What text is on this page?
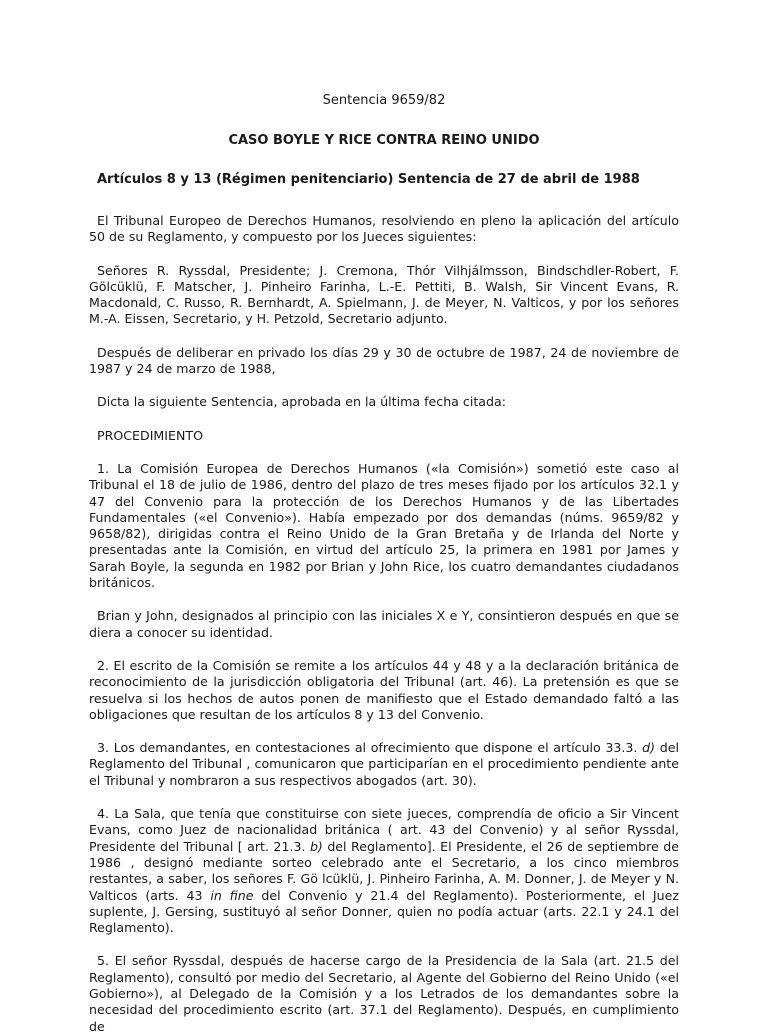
Sentencia 9659/82
CASO BOYLE Y RICE CONTRA REINO UNIDO
Artículos 8 y 13 (Régimen penitenciario) Sentencia de 27 de abril de 1988

El Tribunal Europeo de Derechos Humanos, resolviendo en pleno la aplicación del artículo 50 de su Reglamento, y compuesto por los Jueces siguientes:

Señores R. Ryssdal, Presidente; J. Cremona, Thór Vilhjálmsson, Bindschdler-Robert, F. Gölcüklü, F. Matscher, J. Pinheiro Farinha, L.-E. Pettiti, B. Walsh, Sir Vincent Evans, R. Macdonald, C. Russo, R. Bernhardt, A. Spielmann, J. de Meyer, N. Valticos, y por los señores M.-A. Eissen, Secretario, y H. Petzold, Secretario adjunto.

Después de deliberar en privado los días 29 y 30 de octubre de 1987, 24 de noviembre de 1987 y 24 de marzo de 1988,

Dicta la siguiente Sentencia, aprobada en la última fecha citada:

PROCEDIMIENTO

1. La Comisión Europea de Derechos Humanos («la Comisión») sometió este caso al Tribunal el 18 de julio de 1986, dentro del plazo de tres meses fijado por los artículos 32.1 y 47 del Convenio para la protección de los Derechos Humanos y de las Libertades Fundamentales («el Convenio»). Había empezado por dos demandas (núms. 9659/82 y 9658/82), dirigidas contra el Reino Unido de la Gran Bretaña y de Irlanda del Norte y presentadas ante la Comisión, en virtud del artículo 25, la primera en 1981 por James y Sarah Boyle, la segunda en 1982 por Brian y John Rice, los cuatro demandantes ciudadanos británicos.

Brian y John, designados al principio con las iniciales X e Y, consintieron después en que se diera a conocer su identidad.

2. El escrito de la Comisión se remite a los artículos 44 y 48 y a la declaración británica de reconocimiento de la jurisdicción obligatoria del Tribunal (art. 46). La pretensión es que se resuelva si los hechos de autos ponen de manifiesto que el Estado demandado faltó a las obligaciones que resultan de los artículos 8 y 13 del Convenio.

3. Los demandantes, en contestaciones al ofrecimiento que dispone el artículo 33.3. d) del Reglamento del Tribunal , comunicaron que participarían en el procedimiento pendiente ante el Tribunal y nombraron a sus respectivos abogados (art. 30).

4. La Sala, que tenía que constituirse con siete jueces, comprendía de oficio a Sir Vincent Evans, como Juez de nacionalidad británica ( art. 43 del Convenio) y al señor Ryssdal, Presidente del Tribunal [ art. 21.3. b) del Reglamento]. El Presidente, el 26 de septiembre de 1986 , designó mediante sorteo celebrado ante el Secretario, a los cinco miembros restantes, a saber, los señores F. Gö lcüklü, J. Pinheiro Farinha, A. M. Donner, J. de Meyer y N. Valticos (arts. 43 in fine del Convenio y 21.4 del Reglamento). Posteriormente, el Juez suplente, J. Gersing, sustituyó al señor Donner, quien no podía actuar (arts. 22.1 y 24.1 del Reglamento).

5. El señor Ryssdal, después de hacerse cargo de la Presidencia de la Sala (art. 21.5 del Reglamento), consultó por medio del Secretario, al Agente del Gobierno del Reino Unido («el Gobierno»), al Delegado de la Comisión y a los Letrados de los demandantes sobre la necesidad del procedimiento escrito (art. 37.1 del Reglamento). Después, en cumplimiento de
